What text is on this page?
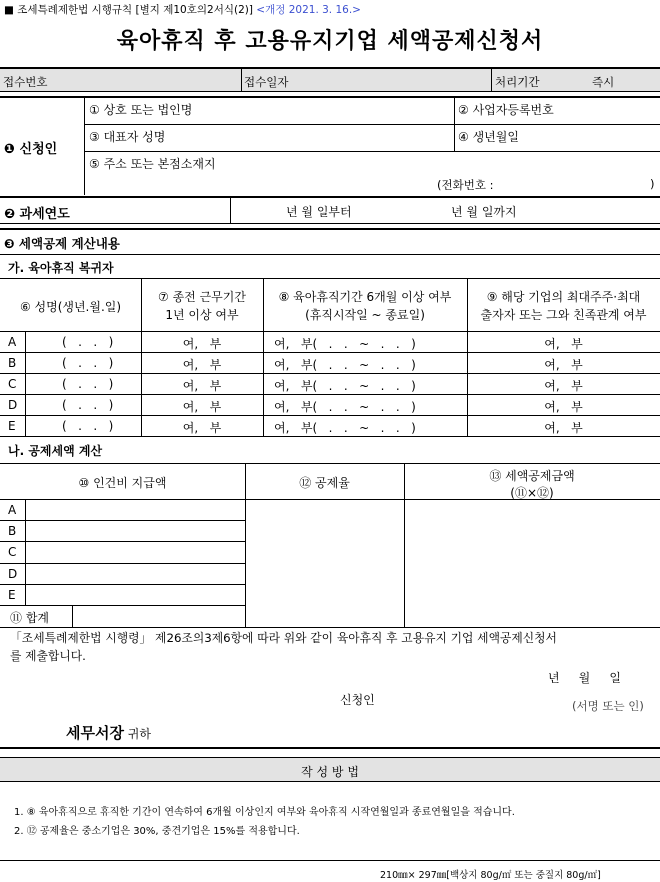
■ 조세특례제한법 시행규칙 [별지 제10호의2서식(2)] <개정 2021. 3. 16.>
육아휴직 후 고용유지기업 세액공제신청서
접수번호	접수일자	처리기간	즉시
❶ 신청인
① 상호 또는 법인명	② 사업자등록번호
③ 대표자 성명	④ 생년월일
⑤ 주소 또는 본점소재지
(전화번호 :	)
❷ 과세연도	년 월 일부터	년 월 일까지
❸ 세액공제 계산내용
가. 육아휴직 복귀자
⑥ 성명(생년.월.일)
⑦ 종전 근무기간
1년 이상 여부
⑧ 육아휴직기간 6개월 이상 여부
(휴직시작일 ~ 종료일)
⑨ 해당 기업의 최대주주·최대
출자자 또는 그와 친족관계 여부
A	(   .   .   )	여,   부	여,   부(   .   .   ~   .   .   )	여,   부
B	(   .   .   )	여,   부	여,   부(   .   .   ~   .   .   )	여,   부
C	(   .   .   )	여,   부	여,   부(   .   .   ~   .   .   )	여,   부
D	(   .   .   )	여,   부	여,   부(   .   .   ~   .   .   )	여,   부
E	(   .   .   )	여,   부	여,   부(   .   .   ~   .   .   )	여,   부
나. 공제세액 계산
⑩ 인건비 지급액	⑫ 공제율	⑬ 세액공제금액
(⑪×⑫)
A
B
C
D
E
⑪ 합계
「조세특례제한법 시행령」 제26조의3제6항에 따라 위와 같이 육아휴직 후 고용유지 기업 세액공제신청서
를 제출합니다.
년     월     일
신청인	(서명 또는 인)
세무서장 귀하
작 성 방 법
1. ⑧ 육아휴직으로 휴직한 기간이 연속하여 6개월 이상인지 여부와 육아휴직 시작연월일과 종료연월일을 적습니다.
2. ⑫ 공제율은 중소기업은 30%, 중견기업은 15%를 적용합니다.
210㎜× 297㎜[백상지 80g/㎡ 또는 중질지 80g/㎡]
